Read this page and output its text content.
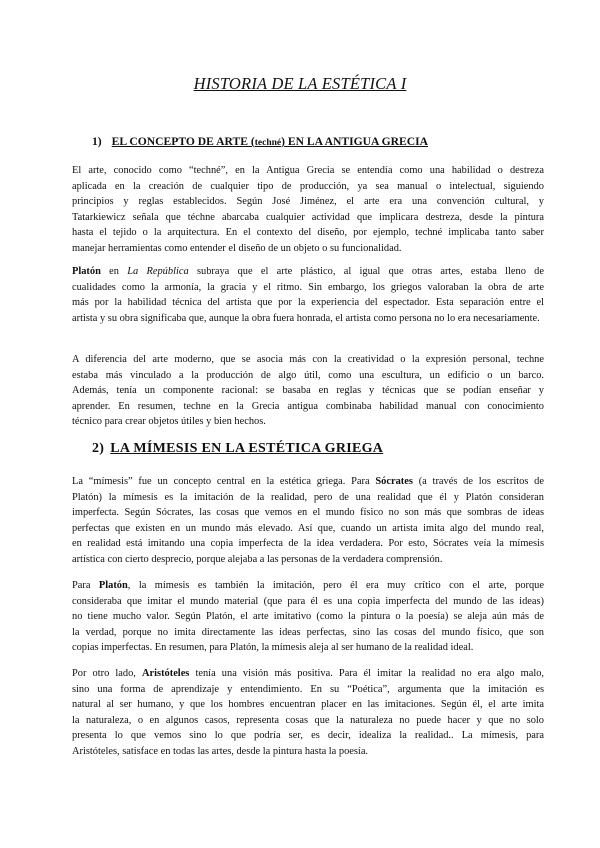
HISTORIA DE LA ESTÉTICA I
1) EL CONCEPTO DE ARTE (techné) EN LA ANTIGUA GRECIA

El arte, conocido como “techné”, en la Antigua Grecia se entendía como una habilidad o destreza aplicada en la creación de cualquier tipo de producción, ya sea manual o intelectual, siguiendo principios y reglas establecidos. Según José Jiménez, el arte era una convención cultural, y Tatarkiewicz señala que téchne abarcaba cualquier actividad que implicara destreza, desde la pintura hasta el tejido o la arquitectura. En el contexto del diseño, por ejemplo, techné implicaba tanto saber manejar herramientas como entender el diseño de un objeto o su funcionalidad.

Platón en La República subraya que el arte plástico, al igual que otras artes, estaba lleno de cualidades como la armonía, la gracia y el ritmo. Sin embargo, los griegos valoraban la obra de arte más por la habilidad técnica del artista que por la experiencia del espectador. Esta separación entre el artista y su obra significaba que, aunque la obra fuera honrada, el artista como persona no lo era necesariamente.

A diferencia del arte moderno, que se asocia más con la creatividad o la expresión personal, techne estaba más vinculado a la producción de algo útil, como una escultura, un edificio o un barco. Además, tenía un componente racional: se basaba en reglas y técnicas que se podían enseñar y aprender. En resumen, techne en la Grecia antigua combinaba habilidad manual con conocimiento técnico para crear objetos útiles y bien hechos.

2) LA MÍMESIS EN LA ESTÉTICA GRIEGA

La “mímesis” fue un concepto central en la estética griega. Para Sócrates (a través de los escritos de Platón) la mímesis es la imitación de la realidad, pero de una realidad que él y Platón consideran imperfecta. Según Sócrates, las cosas que vemos en el mundo físico no son más que sombras de ideas perfectas que existen en un mundo más elevado. Así que, cuando un artista imita algo del mundo real, en realidad está imitando una copia imperfecta de la idea verdadera. Por esto, Sócrates veía la mímesis artística con cierto desprecio, porque alejaba a las personas de la verdadera comprensión.

Para Platón, la mímesis es también la imitación, pero él era muy crítico con el arte, porque consideraba que imitar el mundo material (que para él es una copia imperfecta del mundo de las ideas) no tiene mucho valor. Según Platón, el arte imitativo (como la pintura o la poesía) se aleja aún más de la verdad, porque no imita directamente las ideas perfectas, sino las cosas del mundo físico, que son copias imperfectas. En resumen, para Platón, la mímesis aleja al ser humano de la realidad ideal.

Por otro lado, Aristóteles tenía una visión más positiva. Para él imitar la realidad no era algo malo, sino una forma de aprendizaje y entendimiento. En su “Poética”, argumenta que la imitación es natural al ser humano, y que los hombres encuentran placer en las imitaciones. Según él, el arte imita la naturaleza, o en algunos casos, representa cosas que la naturaleza no puede hacer y que no solo presenta lo que vemos sino lo que podría ser, es decir, idealiza la realidad.. La mímesis, para Aristóteles, satisface en todas las artes, desde la pintura hasta la poesía.
